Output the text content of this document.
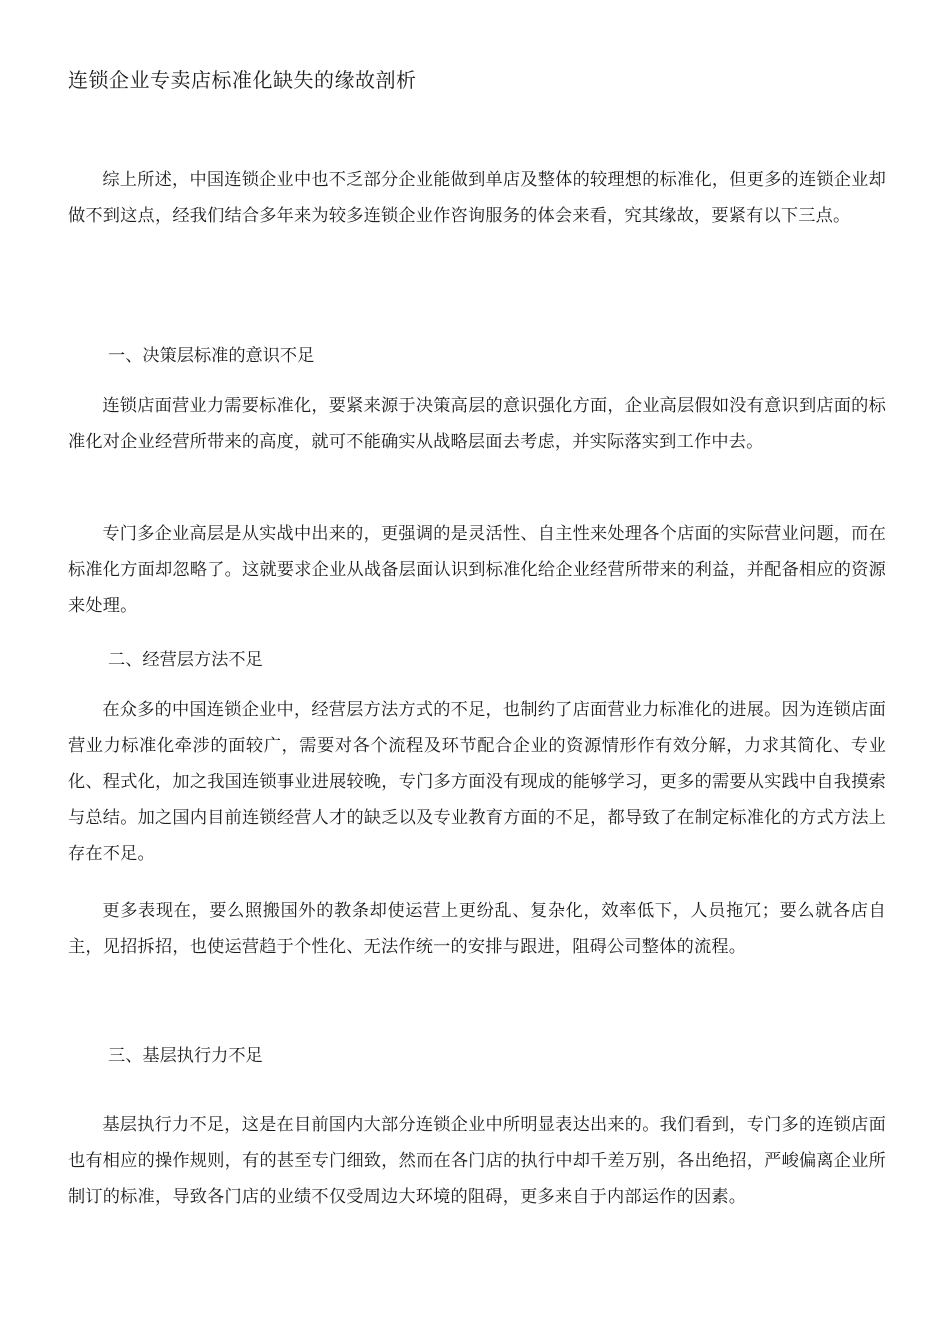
连锁企业专卖店标准化缺失的缘故剖析

综上所述，中国连锁企业中也不乏部分企业能做到单店及整体的较理想的标准化，但更多的连锁企业却做不到这点，经我们结合多年来为较多连锁企业作咨询服务的体会来看，究其缘故，要紧有以下三点。

一、决策层标准的意识不足

连锁店面营业力需要标准化，要紧来源于决策高层的意识强化方面，企业高层假如没有意识到店面的标准化对企业经营所带来的高度，就可不能确实从战略层面去考虑，并实际落实到工作中去。

专门多企业高层是从实战中出来的，更强调的是灵活性、自主性来处理各个店面的实际营业问题，而在标准化方面却忽略了。这就要求企业从战备层面认识到标准化给企业经营所带来的利益，并配备相应的资源来处理。

二、经营层方法不足

在众多的中国连锁企业中，经营层方法方式的不足，也制约了店面营业力标准化的进展。因为连锁店面营业力标准化牵涉的面较广，需要对各个流程及环节配合企业的资源情形作有效分解，力求其简化、专业化、程式化，加之我国连锁事业进展较晚，专门多方面没有现成的能够学习，更多的需要从实践中自我摸索与总结。加之国内目前连锁经营人才的缺乏以及专业教育方面的不足，都导致了在制定标准化的方式方法上存在不足。

更多表现在，要么照搬国外的教条却使运营上更纷乱、复杂化，效率低下，人员拖冗；要么就各店自主，见招拆招，也使运营趋于个性化、无法作统一的安排与跟进，阻碍公司整体的流程。

三、基层执行力不足

基层执行力不足，这是在目前国内大部分连锁企业中所明显表达出来的。我们看到，专门多的连锁店面也有相应的操作规则，有的甚至专门细致，然而在各门店的执行中却千差万别，各出绝招，严峻偏离企业所制订的标准，导致各门店的业绩不仅受周边大环境的阻碍，更多来自于内部运作的因素。
